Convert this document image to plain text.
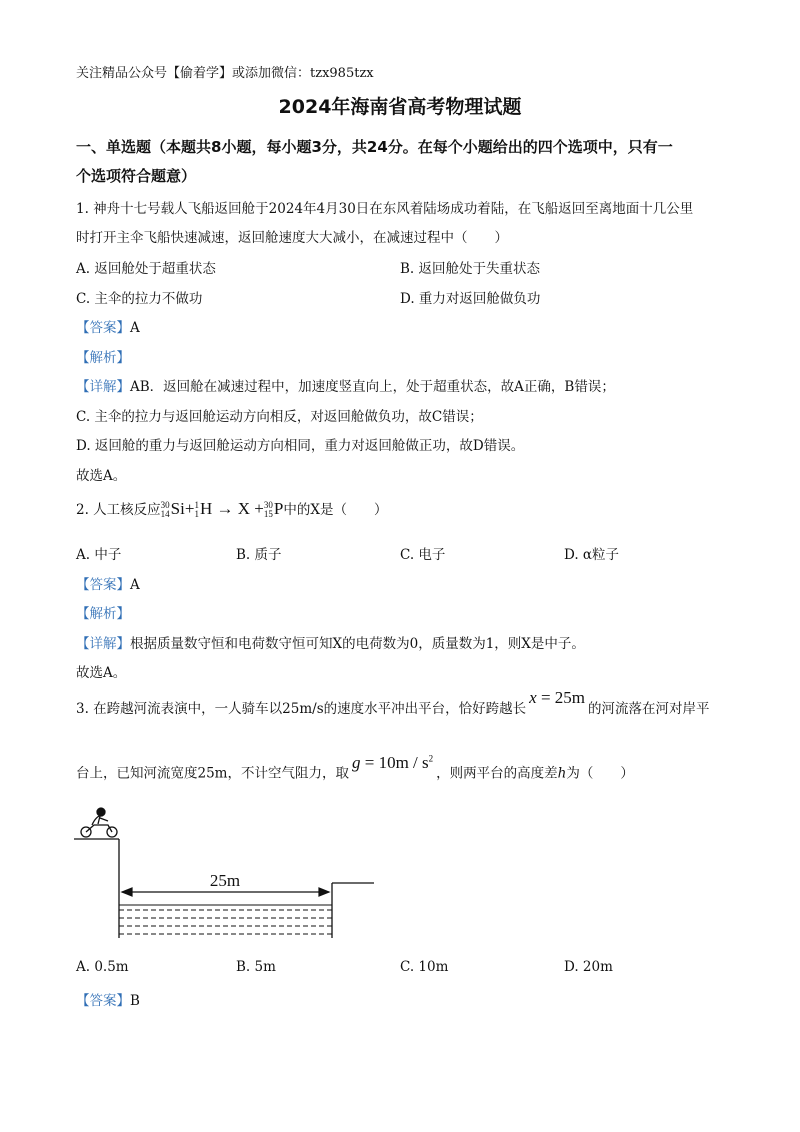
关注精品公众号【偷着学】或添加微信：tzx985tzx
2024年海南省高考物理试题
一、单选题（本题共8小题，每小题3分，共24分。在每个小题给出的四个选项中，只有一
个选项符合题意）
1. 神舟十七号载人飞船返回舱于2024年4月30日在东风着陆场成功着陆，在飞船返回至离地面十几公里
时打开主伞飞船快速减速，返回舱速度大大减小，在减速过程中（　　）
A. 返回舱处于超重状态	B. 返回舱处于失重状态
C. 主伞的拉力不做功	D. 重力对返回舱做负功
【答案】A
【解析】
【详解】AB．返回舱在减速过程中，加速度竖直向上，处于超重状态，故A正确，B错误；
C. 主伞的拉力与返回舱运动方向相反，对返回舱做负功，故C错误；
D. 返回舱的重力与返回舱运动方向相同，重力对返回舱做正功，故D错误。
故选A。
2. 人工核反应30
14Si+1
1H → X +30
15P中的X是（　　）
A. 中子	B. 质子	C. 电子	D. α粒子
【答案】A
【解析】
【详解】根据质量数守恒和电荷数守恒可知X的电荷数为0，质量数为1，则X是中子。
故选A。
3. 在跨越河流表演中，一人骑车以25m/s的速度水平冲出平台，恰好跨越长x = 25m的河流落在河对岸平
台上，已知河流宽度25m，不计空气阻力，取$g = 10m / s^2$，则两平台的高度差h为（　　）
25m
A. 0.5m	B. 5m	C. 10m	D. 20m
【答案】B
